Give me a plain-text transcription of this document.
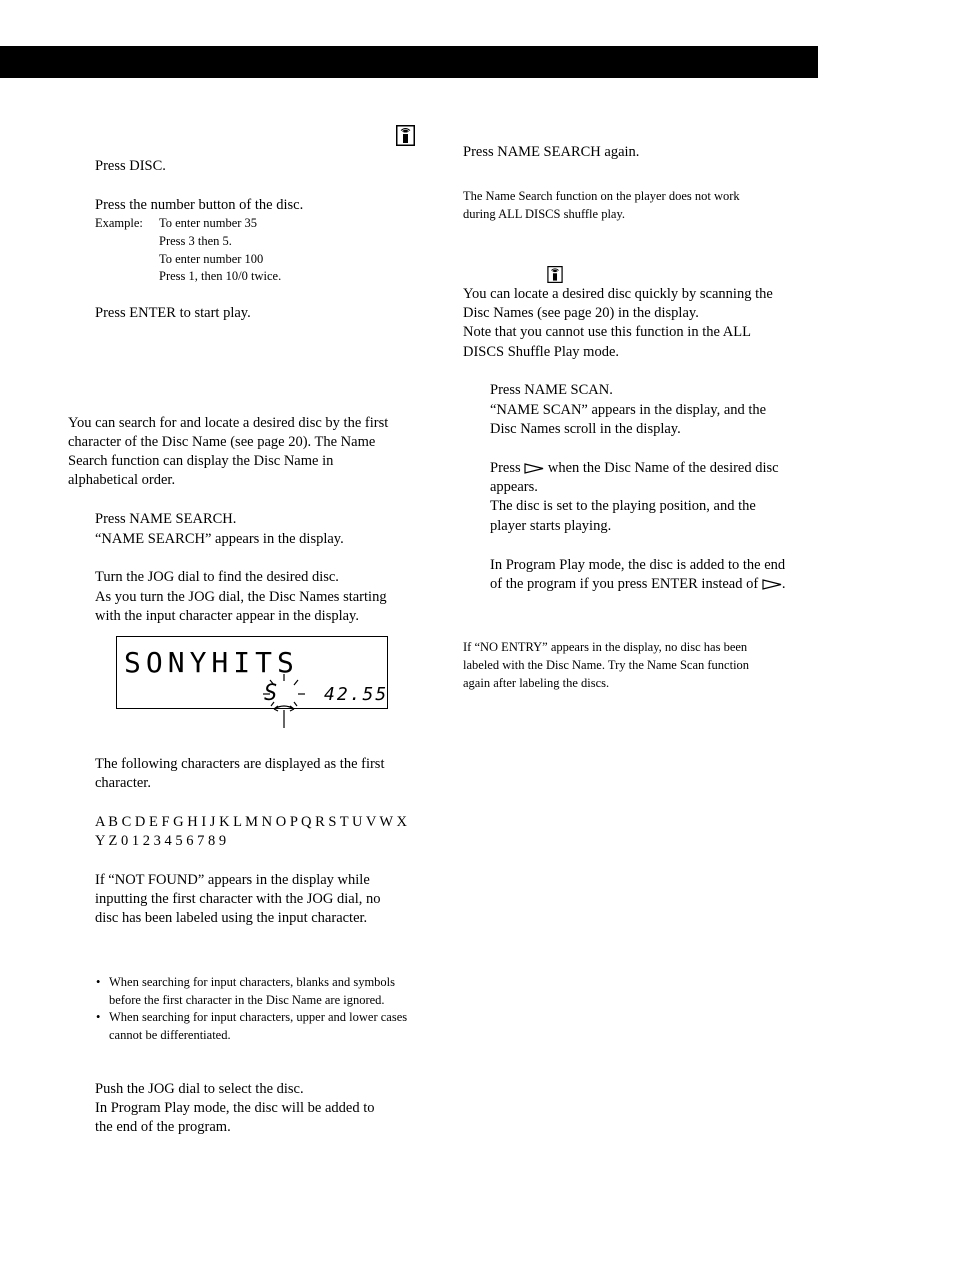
Press DISC.

Press the number button of the disc.

Example: To enter number 35
Press 3 then 5.
To enter number 100
Press 1, then 10/0 twice.

Press ENTER to start play.

You can search for and locate a desired disc by the first

character of the Disc Name (see page 20). The Name

Search function can display the Disc Name in

alphabetical order.

Press NAME SEARCH.

“NAME SEARCH” appears in the display.

Turn the JOG dial to find the desired disc.

As you turn the JOG dial, the Disc Names starting

with the input character appear in the display.

SONYHITS
S	42.55

The following characters are displayed as the first

character.

A B C D E F G H I J K L M N O P Q R S T U V W X

Y Z 0 1 2 3 4 5 6 7 8 9

If “NOT FOUND” appears in the display while

inputting the first character with the JOG dial, no

disc has been labeled using the input character.

• When searching for input characters, blanks and symbols before the first character in the Disc Name are ignored.
• When searching for input characters, upper and lower cases cannot be differentiated.

Push the JOG dial to select the disc.

In Program Play mode, the disc will be added to

the end of the program.

Press NAME SEARCH again.

The Name Search function on the player does not work

during ALL DISCS shuffle play.

You can locate a desired disc quickly by scanning the

Disc Names (see page 20) in the display.

Note that you cannot use this function in the ALL

DISCS Shuffle Play mode.

Press NAME SCAN.

“NAME SCAN” appears in the display, and the

Disc Names scroll in the display.

Press when the Disc Name of the desired disc

appears.

The disc is set to the playing position, and the

player starts playing.

In Program Play mode, the disc is added to the end

of the program if you press ENTER instead of .

If “NO ENTRY” appears in the display, no disc has been

labeled with the Disc Name. Try the Name Scan function

again after labeling the discs.
